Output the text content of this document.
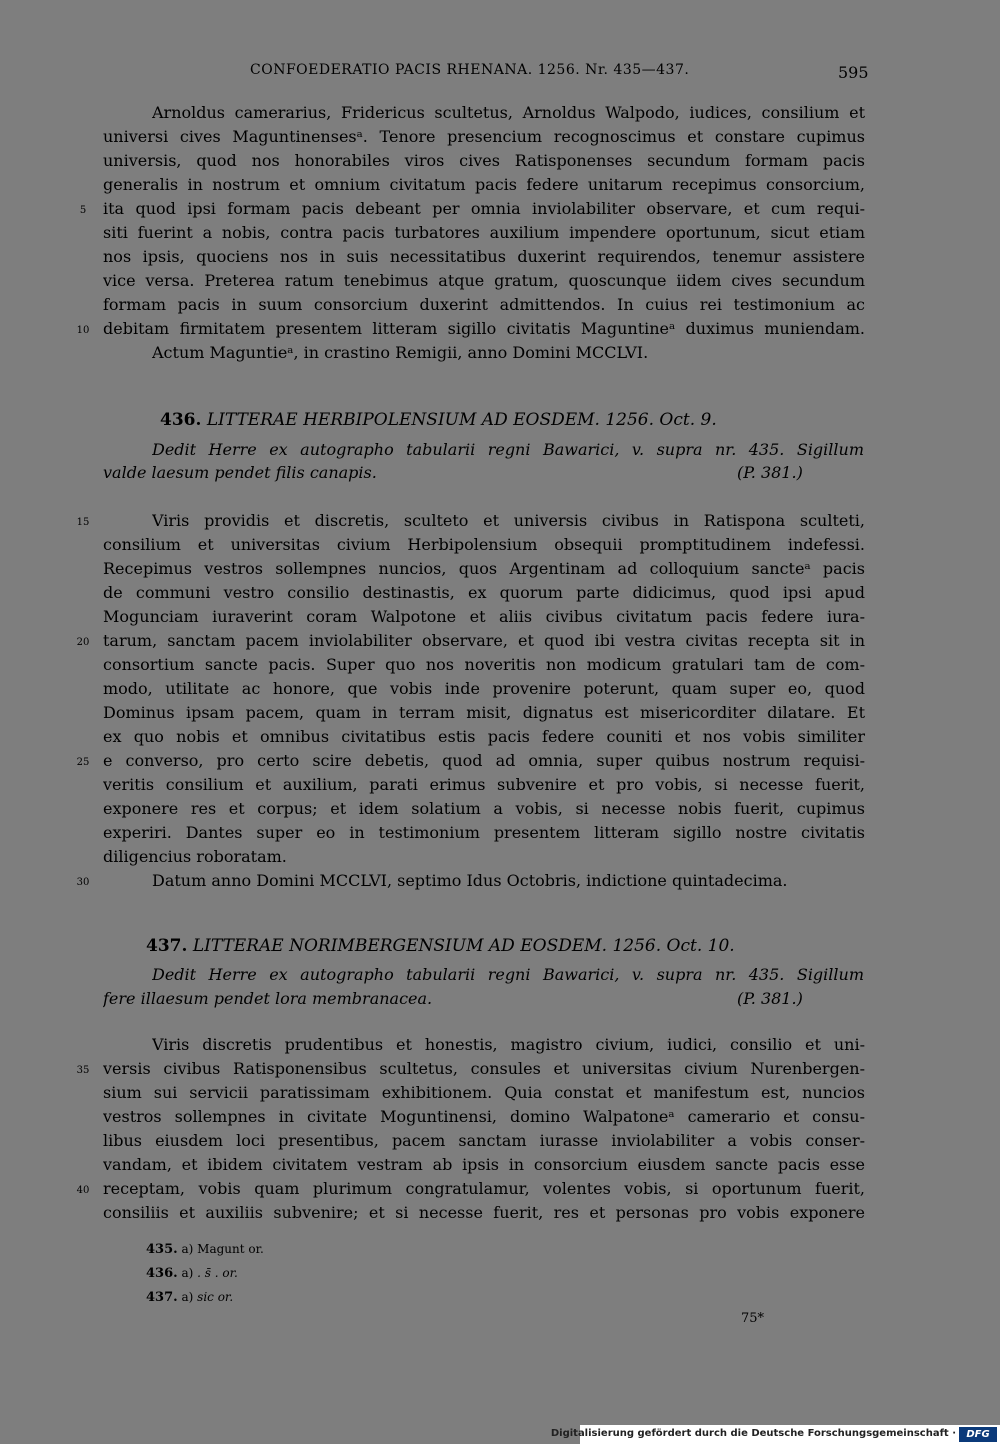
CONFOEDERATIO PACIS RHENANA. 1256. Nr. 435—437.	595
Arnoldus camerarius, Fridericus scultetus, Arnoldus Walpodo, iudices, consilium et
universi cives Maguntinensesᵃ. Tenore presencium recognoscimus et constare cupimus
universis, quod nos honorabiles viros cives Ratisponenses secundum formam pacis
generalis in nostrum et omnium civitatum pacis federe unitarum recepimus consorcium,
ita quod ipsi formam pacis debeant per omnia inviolabiliter observare, et cum requi-
siti fuerint a nobis, contra pacis turbatores auxilium impendere oportunum, sicut etiam
nos ipsis, quociens nos in suis necessitatibus duxerint requirendos, tenemur assistere
vice versa. Preterea ratum tenebimus atque gratum, quoscunque iidem cives secundum
formam pacis in suum consorcium duxerint admittendos. In cuius rei testimonium ac
debitam firmitatem presentem litteram sigillo civitatis Maguntineᵃ duximus muniendam.
Actum Maguntieᵃ, in crastino Remigii, anno Domini MCCLVI.
436. LITTERAE HERBIPOLENSIUM AD EOSDEM. 1256. Oct. 9.
Dedit Herre ex autographo tabularii regni Bawarici, v. supra nr. 435. Sigillum
valde laesum pendet filis canapis.	(P. 381.)
Viris providis et discretis, sculteto et universis civibus in Ratispona sculteti,
consilium et universitas civium Herbipolensium obsequii promptitudinem indefessi.
Recepimus vestros sollempnes nuncios, quos Argentinam ad colloquium sancteᵃ pacis
de communi vestro consilio destinastis, ex quorum parte didicimus, quod ipsi apud
Moguncіam iuraverint coram Walpotone et aliis civibus civitatum pacis federe iura-
tarum, sanctam pacem inviolabiliter observare, et quod ibi vestra civitas recepta sit in
consortium sancte pacis. Super quo nos noveritis non modicum gratulari tam de com-
modo, utilitate ac honore, que vobis inde provenire poterunt, quam super eo, quod
Dominus ipsam pacem, quam in terram misit, dignatus est misericorditer dilatare. Et
ex quo nobis et omnibus civitatibus estis pacis federe couniti et nos vobis similiter
e converso, pro certo scire debetis, quod ad omnia, super quibus nostrum requisi-
veritis consilium et auxilium, parati erimus subvenire et pro vobis, si necesse fuerit,
exponere res et corpus; et idem solatium a vobis, si necesse nobis fuerit, cupimus
experiri. Dantes super eo in testimonium presentem litteram sigillo nostre civitatis
diligencius roboratam.
Datum anno Domini MCCLVI, septimo Idus Octobris, indictione quintadecima.
437. LITTERAE NORIMBERGENSIUM AD EOSDEM. 1256. Oct. 10.
Dedit Herre ex autographo tabularii regni Bawarici, v. supra nr. 435. Sigillum
fere illaesum pendet lora membranacea.	(P. 381.)
Viris discretis prudentibus et honestis, magistro civium, iudici, consilio et uni-
versis civibus Ratisponensibus scultetus, consules et universitas civium Nurenbergen-
sium sui servicii paratissimam exhibitionem. Quia constat et manifestum est, nuncios
vestros sollempnes in civitate Moguntinensi, domino Walpatoneᵃ camerario et consu-
libus eiusdem loci presentibus, pacem sanctam iurasse inviolabiliter a vobis conser-
vandam, et ibidem civitatem vestram ab ipsis in consorcium eiusdem sancte pacis esse
receptam, vobis quam plurimum congratulamur, volentes vobis, si oportunum fuerit,
consiliis et auxiliis subvenire; et si necesse fuerit, res et personas pro vobis exponere
5
10
15
20
25
30
35
40
435. a) Magunt or.
436. a) . s̄ . or.
437. a) sic or.
75*
Digitalisierung gefördert durch die Deutsche Forschungsgemeinschaft ·	DFG
